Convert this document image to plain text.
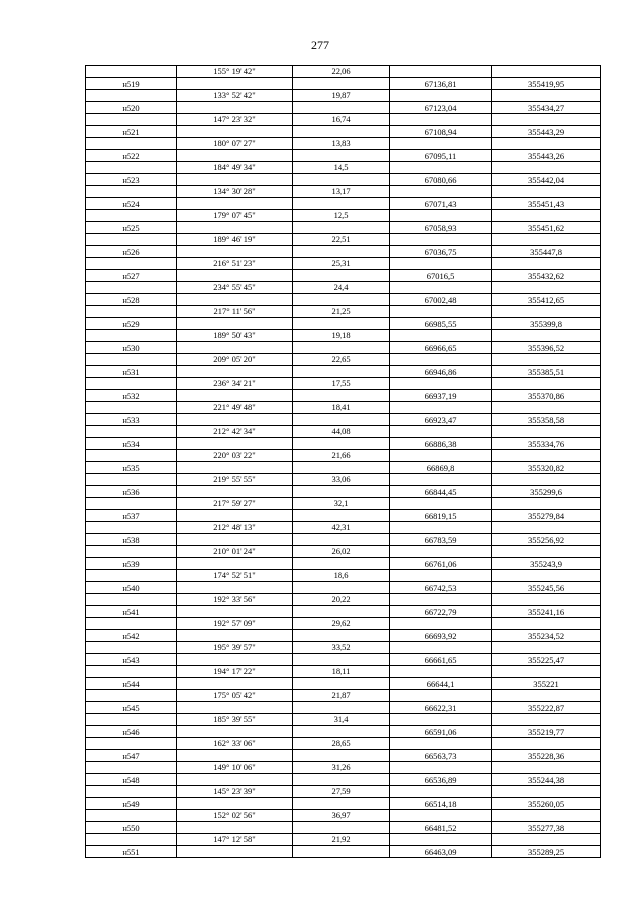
277
	155° 19' 42"	22,06		
н519			67136,81	355419,95
	133° 52' 42"	19,87		
н520			67123,04	355434,27
	147° 23' 32"	16,74		
н521			67108,94	355443,29
	180° 07' 27"	13,83		
н522			67095,11	355443,26
	184° 49' 34"	14,5		
н523			67080,66	355442,04
	134° 30' 28"	13,17		
н524			67071,43	355451,43
	179° 07' 45"	12,5		
н525			67058,93	355451,62
	189° 46' 19"	22,51		
н526			67036,75	355447,8
	216° 51' 23"	25,31		
н527			67016,5	355432,62
	234° 55' 45"	24,4		
н528			67002,48	355412,65
	217° 11' 56"	21,25		
н529			66985,55	355399,8
	189° 50' 43"	19,18		
н530			66966,65	355396,52
	209° 05' 20"	22,65		
н531			66946,86	355385,51
	236° 34' 21"	17,55		
н532			66937,19	355370,86
	221° 49' 48"	18,41		
н533			66923,47	355358,58
	212° 42' 34"	44,08		
н534			66886,38	355334,76
	220° 03' 22"	21,66		
н535			66869,8	355320,82
	219° 55' 55"	33,06		
н536			66844,45	355299,6
	217° 59' 27"	32,1		
н537			66819,15	355279,84
	212° 48' 13"	42,31		
н538			66783,59	355256,92
	210° 01' 24"	26,02		
н539			66761,06	355243,9
	174° 52' 51"	18,6		
н540			66742,53	355245,56
	192° 33' 56"	20,22		
н541			66722,79	355241,16
	192° 57' 09"	29,62		
н542			66693,92	355234,52
	195° 39' 57"	33,52		
н543			66661,65	355225,47
	194° 17' 22"	18,11		
н544			66644,1	355221
	175° 05' 42"	21,87		
н545			66622,31	355222,87
	185° 39' 55"	31,4		
н546			66591,06	355219,77
	162° 33' 06"	28,65		
н547			66563,73	355228,36
	149° 10' 06"	31,26		
н548			66536,89	355244,38
	145° 23' 39"	27,59		
н549			66514,18	355260,05
	152° 02' 56"	36,97		
н550			66481,52	355277,38
	147° 12' 58"	21,92		
н551			66463,09	355289,25
